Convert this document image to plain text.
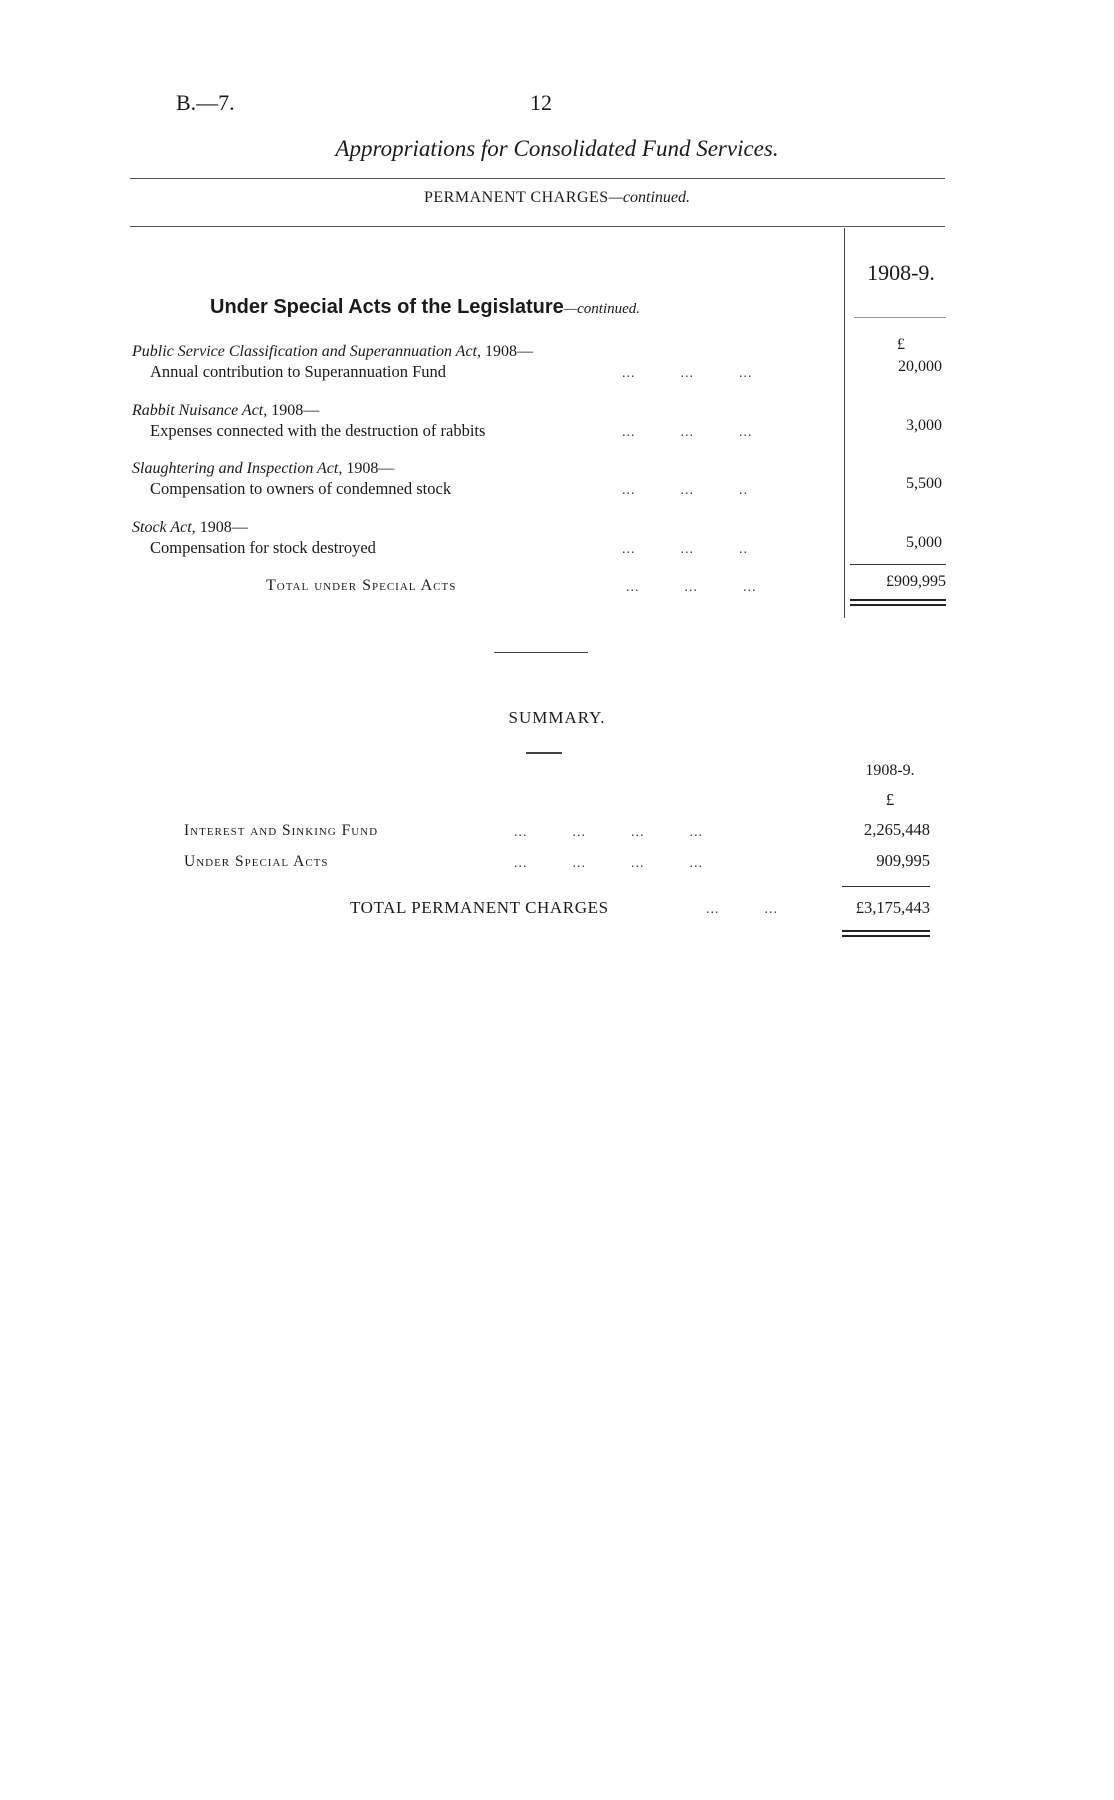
B.—7.	12
Appropriations for Consolidated Fund Services.
PERMANENT CHARGES—continued.
1908-9.
Under Special Acts of the Legislature—continued.
£
Public Service Classification and Superannuation Act, 1908—
Annual contribution to Superannuation Fund	...          ...          ...	20,000
Rabbit Nuisance Act, 1908—
Expenses connected with the destruction of rabbits	...          ...          ...	3,000
Slaughtering and Inspection Act, 1908—
Compensation to owners of condemned stock	...          ...          ..	5,500
Stock Act, 1908—
Compensation for stock destroyed	...          ...          ..	5,000
Total under Special Acts	...          ...          ...	£909,995
SUMMARY.
1908-9.
£
Interest and Sinking Fund	...          ...          ...          ...	2,265,448
Under Special Acts	...          ...          ...          ...	909,995
TOTAL PERMANENT CHARGES	...          ...	£3,175,443
